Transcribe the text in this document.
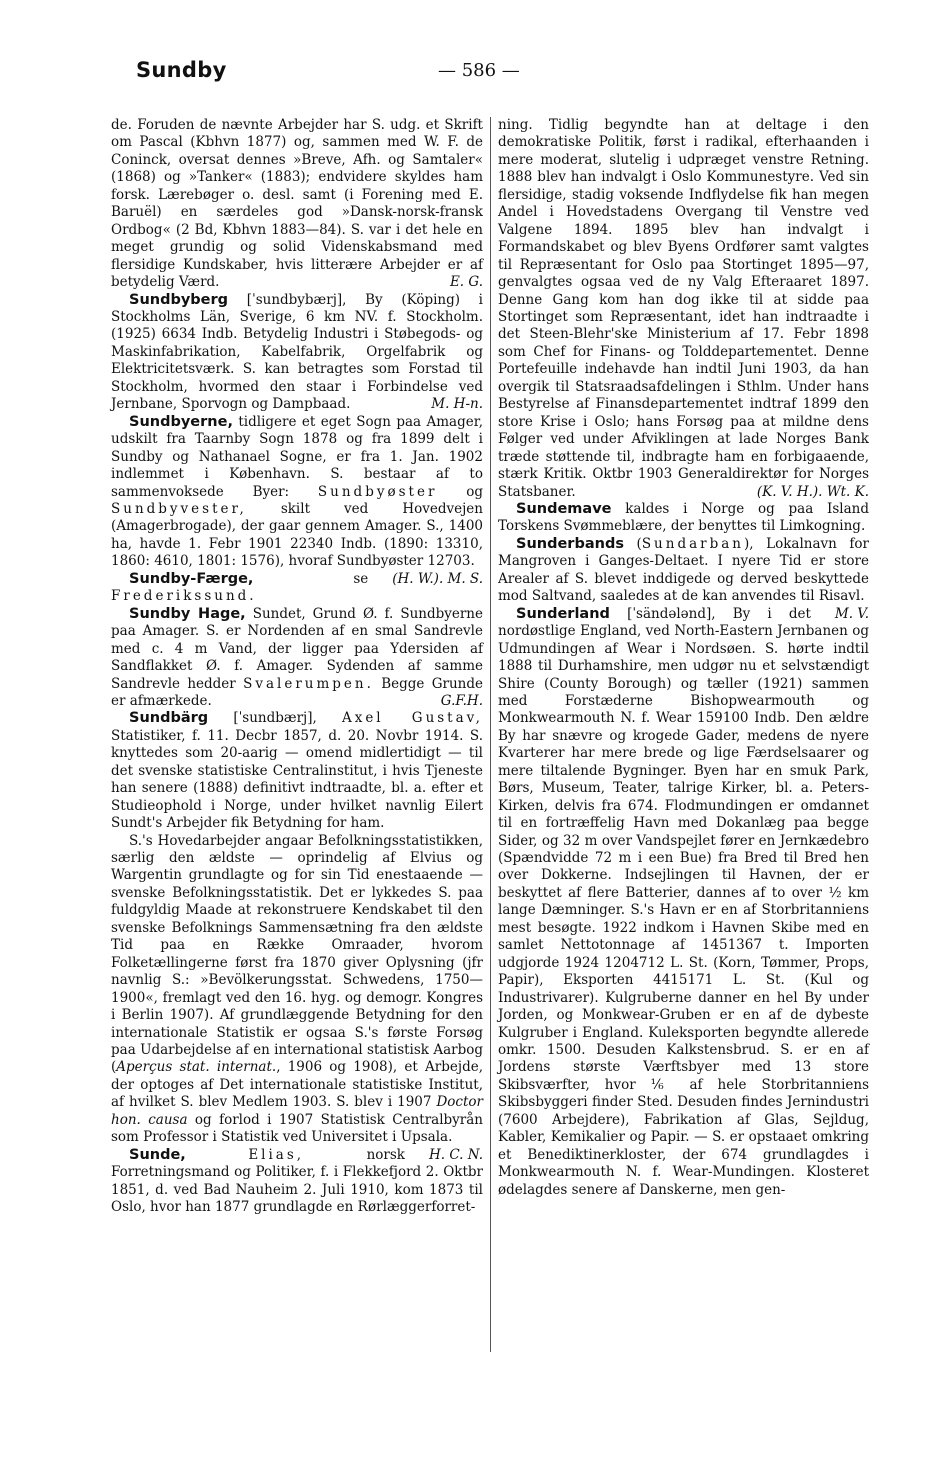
Sundby	— 586 —

de. Foruden de nævnte Arbejder har S. udg. et Skrift om Pascal (Kbhvn 1877) og, sammen med W. F. de Coninck, oversat dennes »Breve, Afh. og Samtaler« (1868) og »Tanker« (1883); endvidere skyldes ham forsk. Lærebøger o. desl. samt (i Forening med E. Baruël) en særdeles god »Dansk-norsk-fransk Ordbog« (2 Bd, Kbhvn 1883—84). S. var i det hele en meget grundig og solid Videnskabsmand med flersidige Kundskaber, hvis litterære Arbejder er af betydelig Værd.	E. G.

Sundbyberg [ˈsundbybærj], By (Köping) i Stockholms Län, Sverige, 6 km NV. f. Stockholm. (1925) 6634 Indb. Betydelig Industri i Støbegods- og Maskinfabrikation, Kabelfabrik, Orgelfabrik og Elektricitetsværk. S. kan betragtes som Forstad til Stockholm, hvormed den staar i Forbindelse ved Jernbane, Sporvogn og Dampbaad.	M. H-n.

Sundbyerne, tidligere et eget Sogn paa Amager, udskilt fra Taarnby Sogn 1878 og fra 1899 delt i Sundby og Nathanael Sogne, er fra 1. Jan. 1902 indlemmet i København. S. bestaar af to sammenvoksede Byer: Sundbyøster og Sundbyvester, skilt ved Hovedvejen (Amagerbrogade), der gaar gennem Amager. S., 1400 ha, havde 1. Febr 1901 22340 Indb. (1890: 13310, 1860: 4610, 1801: 1576), hvoraf Sundbyøster 12703.
(H. W.). M. S.

Sundby-Færge, se Frederikssund.

Sundby Hage, Sundet, Grund Ø. f. Sundbyerne paa Amager. S. er Nordenden af en smal Sandrevle med c. 4 m Vand, der ligger paa Ydersiden af Sandflakket Ø. f. Amager. Sydenden af samme Sandrevle hedder Svalerumpen. Begge Grunde er afmærkede.	G.F.H.

Sundbärg [ˈsundbærj], Axel Gustav, Statistiker, f. 11. Decbr 1857, d. 20. Novbr 1914. S. knyttedes som 20-aarig — omend midlertidigt — til det svenske statistiske Centralinstitut, i hvis Tjeneste han senere (1888) definitivt indtraadte, bl. a. efter et Studieophold i Norge, under hvilket navnlig Eilert Sundt's Arbejder fik Betydning for ham.

S.'s Hovedarbejder angaar Befolkningsstatistikken, særlig den ældste — oprindelig af Elvius og Wargentin grundlagte og for sin Tid enestaaende — svenske Befolkningsstatistik. Det er lykkedes S. paa fuldgyldig Maade at rekonstruere Kendskabet til den svenske Befolknings Sammensætning fra den ældste Tid paa en Række Omraader, hvorom Folketællingerne først fra 1870 giver Oplysning (jfr navnlig S.: »Bevölkerungsstat. Schwedens, 1750—1900«, fremlagt ved den 16. hyg. og demogr. Kongres i Berlin 1907). Af grundlæggende Betydning for den internationale Statistik er ogsaa S.'s første Forsøg paa Udarbejdelse af en international statistisk Aarbog (Aperçus stat. internat., 1906 og 1908), et Arbejde, der optoges af Det internationale statistiske Institut, af hvilket S. blev Medlem 1903. S. blev i 1907 Doctor hon. causa og forlod i 1907 Statistisk Centralbyrån som Professor i Statistik ved Universitet i Upsala.
H. C. N.

Sunde,	Elias, norsk Forretningsmand og Politiker, f. i Flekkefjord 2. Oktbr 1851, d. ved Bad Nauheim 2. Juli 1910, kom 1873 til Oslo, hvor han 1877 grundlagde en Rørlæggerforret-

ning. Tidlig begyndte han at deltage i den demokratiske Politik, først i radikal, efterhaanden i mere moderat, slutelig i udpræget venstre Retning. 1888 blev han indvalgt i Oslo Kommunestyre. Ved sin flersidige, stadig voksende Indflydelse fik han megen Andel i Hovedstadens Overgang til Venstre ved Valgene 1894. 1895 blev han indvalgt i Formandskabet og blev Byens Ordfører samt valgtes til Repræsentant for Oslo paa Stortinget 1895—97, genvalgtes ogsaa ved de ny Valg Efteraaret 1897. Denne Gang kom han dog ikke til at sidde paa Stortinget som Repræsentant, idet han indtraadte i det Steen-Blehr'ske Ministerium af 17. Febr 1898 som Chef for Finans- og Tolddepartementet. Denne Portefeuille indehavde han indtil Juni 1903, da han overgik til Statsraadsafdelingen i Sthlm. Under hans Bestyrelse af Finansdepartementet indtraf 1899 den store Krise i Oslo; hans Forsøg paa at mildne dens Følger ved under Afviklingen at lade Norges Bank træde støttende til, indbragte ham en forbigaaende, stærk Kritik. Oktbr 1903 Generaldirektør for Norges Statsbaner.	(K. V. H.). Wt. K.

Sundemave kaldes i Norge og paa Island Torskens Svømmeblære, der benyttes til Limkogning.

Sunderbands (Sundarban), Lokalnavn for Mangroven i Ganges-Deltaet. I nyere Tid er store Arealer af S. blevet inddigede og derved beskyttede mod Saltvand, saaledes at de kan anvendes til Risavl.
M. V.

Sunderland [ˈsändələnd], By i det nordøstlige England, ved North-Eastern Jernbanen og Udmundingen af Wear i Nordsøen. S. hørte indtil 1888 til Durhamshire, men udgør nu et selvstændigt Shire (County Borough) og tæller (1921) sammen med Forstæderne Bishopwearmouth og Monkwearmouth N. f. Wear 159100 Indb. Den ældre By har snævre og krogede Gader, medens de nyere Kvarterer har mere brede og lige Færdselsaarer og mere tiltalende Bygninger. Byen har en smuk Park, Børs, Museum, Teater, talrige Kirker, bl. a. Peters-Kirken, delvis fra 674. Flodmundingen er omdannet til en fortræffelig Havn med Dokanlæg paa begge Sider, og 32 m over Vandspejlet fører en Jernkædebro (Spændvidde 72 m i een Bue) fra Bred til Bred hen over Dokkerne. Indsejlingen til Havnen, der er beskyttet af flere Batterier, dannes af to over ½ km lange Dæmninger. S.'s Havn er en af Storbritanniens mest besøgte. 1922 indkom i Havnen Skibe med en samlet Nettotonnage af 1451367 t. Importen udgjorde 1924 1204712 L. St. (Korn, Tømmer, Props, Papir), Eksporten 4415171 L. St. (Kul og Industrivarer). Kulgruberne danner en hel By under Jorden, og Monkwear-Gruben er en af de dybeste Kulgruber i England. Kuleksporten begyndte allerede omkr. 1500. Desuden Kalkstensbrud. S. er en af Jordens største Værftsbyer med 13 store Skibsværfter, hvor ⅙ af hele Storbritanniens Skibsbyggeri finder Sted. Desuden findes Jernindustri (7600 Arbejdere), Fabrikation af Glas, Sejldug, Kabler, Kemikalier og Papir. — S. er opstaaet omkring et Benediktinerkloster, der 674 grundlagdes i Monkwearmouth N. f. Wear-Mundingen. Klosteret ødelagdes senere af Danskerne, men gen-
